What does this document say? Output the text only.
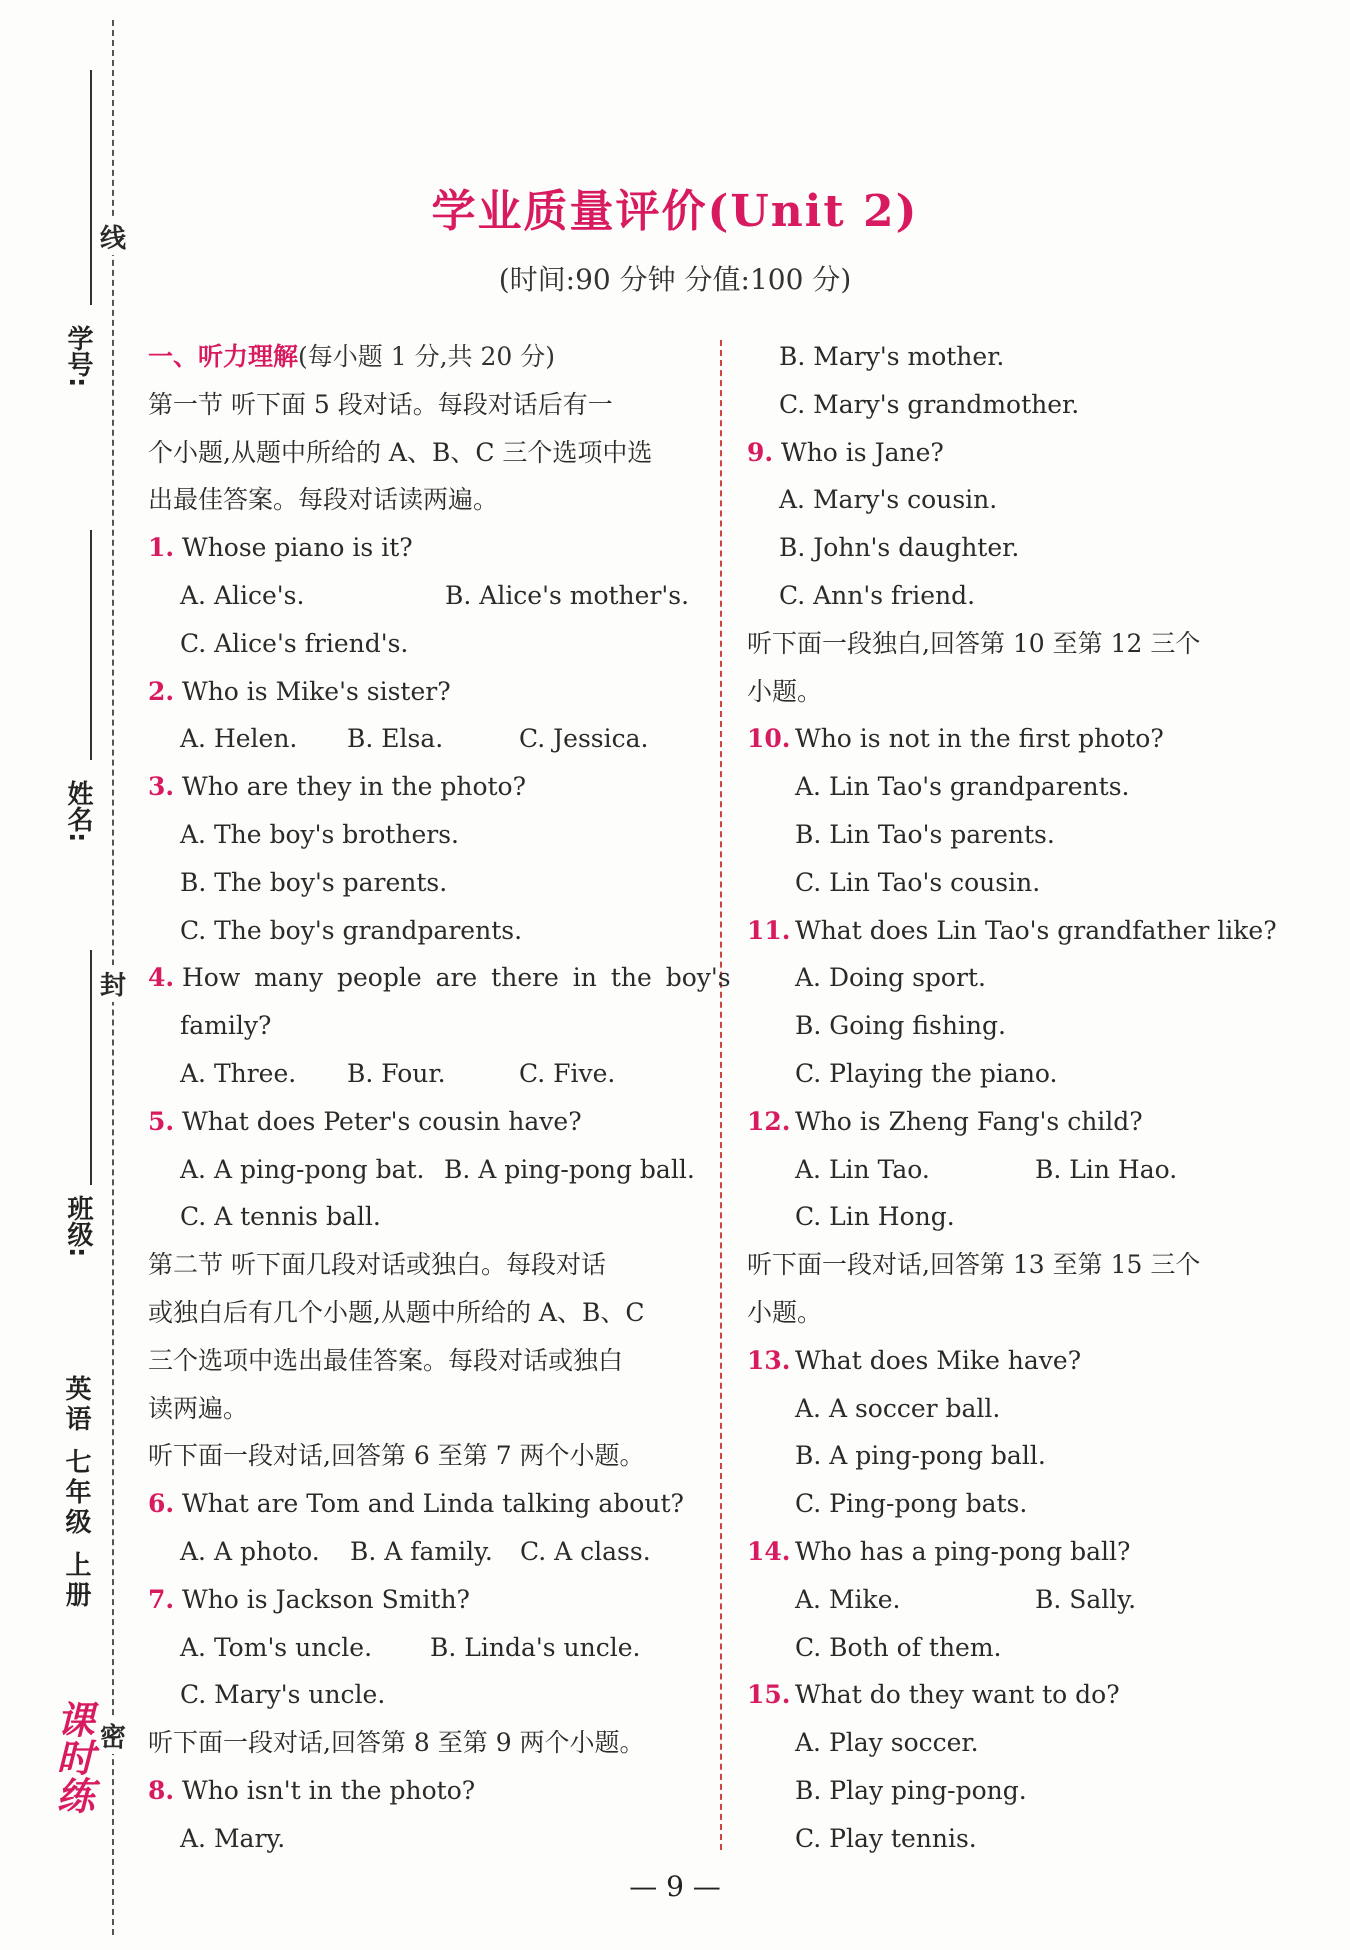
学号:
姓名:
班级:
线
封
密
英语 七年级 上册
课时练
学业质量评价(Unit 2)
(时间:90 分钟 分值:100 分)
一、听力理解(每小题 1 分,共 20 分)
第一节 听下面 5 段对话。每段对话后有一
个小题,从题中所给的 A、B、C 三个选项中选
出最佳答案。每段对话读两遍。
1. Whose piano is it?
A. Alice's.	B. Alice's mother's.
C. Alice's friend's.
2. Who is Mike's sister?
A. Helen. B. Elsa.	C. Jessica.
3. Who are they in the photo?
A. The boy's brothers.
B. The boy's parents.
C. The boy's grandparents.
4. How many people are there in the boy's
family?
A. Three. B. Four.	C. Five.
5. What does Peter's cousin have?
A. A ping-pong bat. B. A ping-pong ball.
C. A tennis ball.
第二节 听下面几段对话或独白。每段对话
或独白后有几个小题,从题中所给的 A、B、C
三个选项中选出最佳答案。每段对话或独白
读两遍。
听下面一段对话,回答第 6 至第 7 两个小题。
6. What are Tom and Linda talking about?
A. A photo. B. A family. C. A class.
7. Who is Jackson Smith?
A. Tom's uncle. B. Linda's uncle.
C. Mary's uncle.
听下面一段对话,回答第 8 至第 9 两个小题。
8. Who isn't in the photo?
A. Mary.
B. Mary's mother.
C. Mary's grandmother.
9. Who is Jane?
A. Mary's cousin.
B. John's daughter.
C. Ann's friend.
听下面一段独白,回答第 10 至第 12 三个
小题。
10. Who is not in the first photo?
A. Lin Tao's grandparents.
B. Lin Tao's parents.
C. Lin Tao's cousin.
11. What does Lin Tao's grandfather like?
A. Doing sport.
B. Going fishing.
C. Playing the piano.
12. Who is Zheng Fang's child?
A. Lin Tao.	B. Lin Hao.
C. Lin Hong.
听下面一段对话,回答第 13 至第 15 三个
小题。
13. What does Mike have?
A. A soccer ball.
B. A ping-pong ball.
C. Ping-pong bats.
14. Who has a ping-pong ball?
A. Mike.	B. Sally.
C. Both of them.
15. What do they want to do?
A. Play soccer.
B. Play ping-pong.
C. Play tennis.
— 9 —
